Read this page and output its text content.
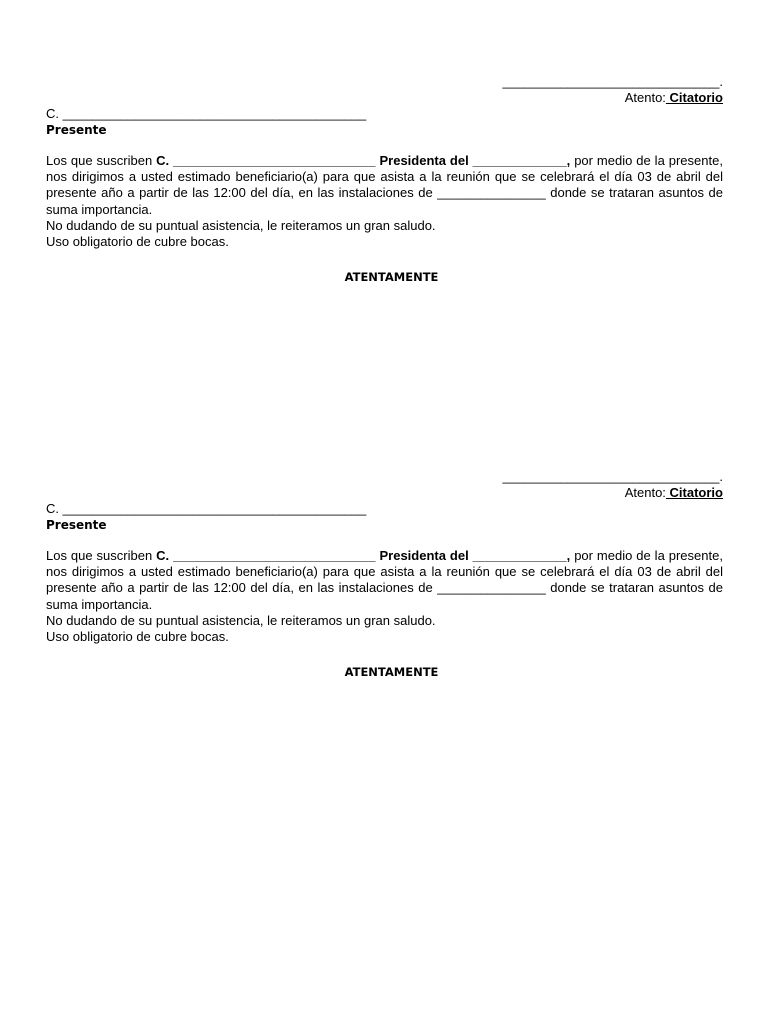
______________________________.
Atento: Citatorio
C. __________________________________________
Presente
Los que suscriben C. ____________________________ Presidenta del _____________, por medio de la presente, nos dirigimos a usted estimado beneficiario(a) para que asista a la reunión que se celebrará el día 03 de abril del presente año a partir de las 12:00 del día, en las instalaciones de _______________ donde se trataran asuntos de suma importancia.
No dudando de su puntual asistencia, le reiteramos un gran saludo.
Uso obligatorio de cubre bocas.
ATENTAMENTE
______________________________.
Atento: Citatorio
C. __________________________________________
Presente
Los que suscriben C. ____________________________ Presidenta del _____________, por medio de la presente, nos dirigimos a usted estimado beneficiario(a) para que asista a la reunión que se celebrará el día 03 de abril del presente año a partir de las 12:00 del día, en las instalaciones de _______________ donde se trataran asuntos de suma importancia.
No dudando de su puntual asistencia, le reiteramos un gran saludo.
Uso obligatorio de cubre bocas.
ATENTAMENTE
